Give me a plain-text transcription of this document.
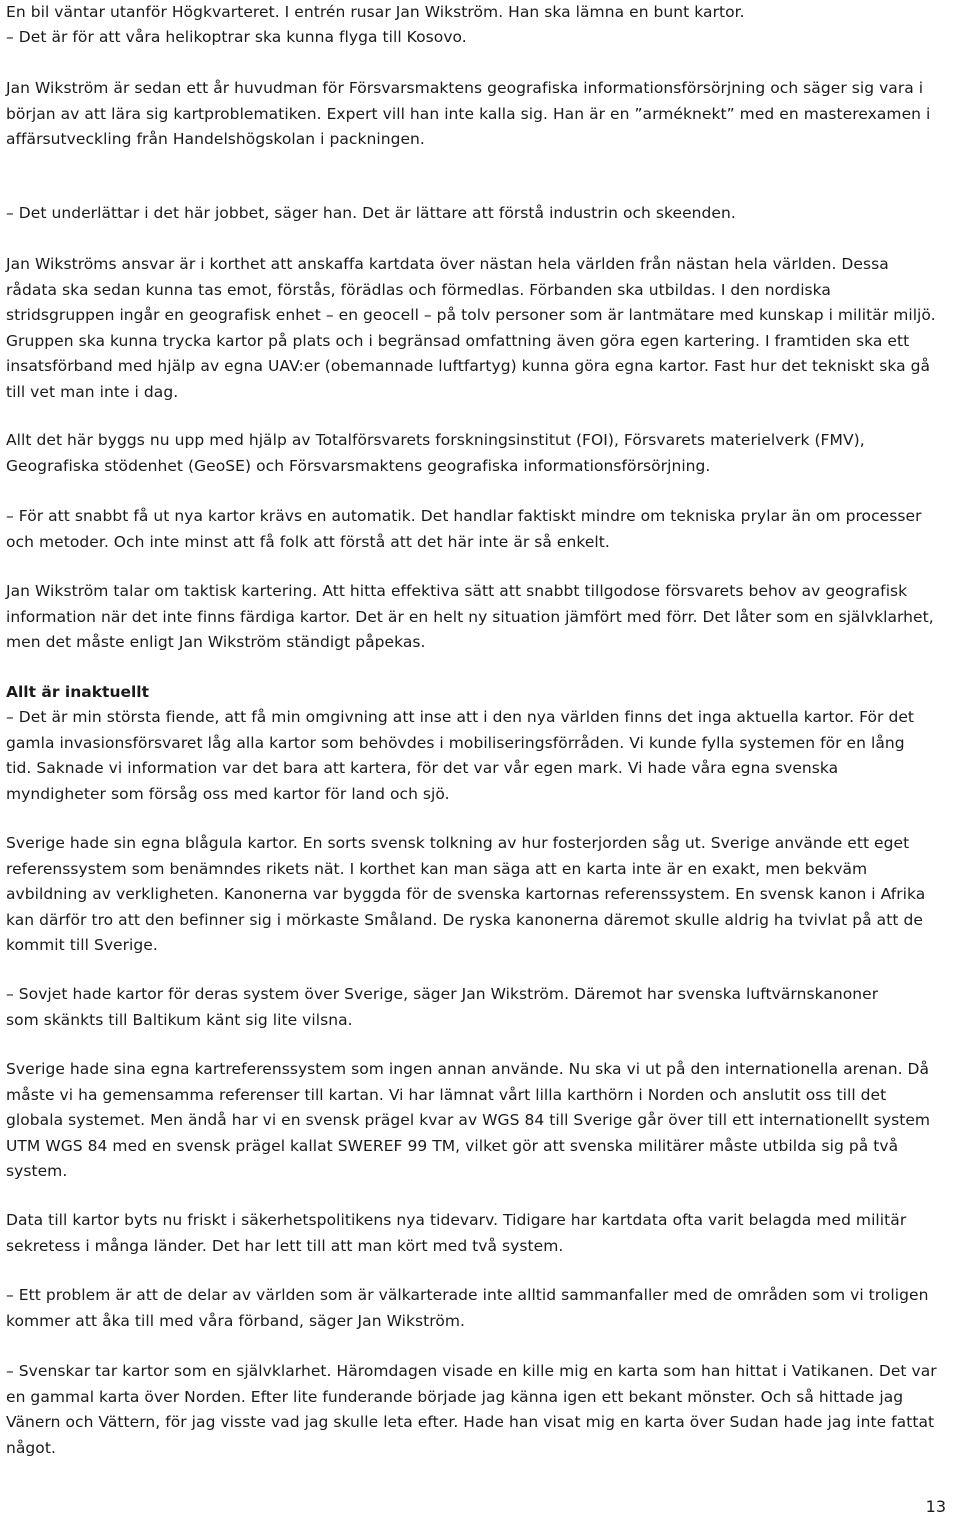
En bil väntar utanför Högkvarteret. I entrén rusar Jan Wikström. Han ska lämna en bunt kartor.

– Det är för att våra helikoptrar ska kunna flyga till Kosovo.

Jan Wikström är sedan ett år huvudman för Försvarsmaktens geografiska informationsförsörjning och säger sig vara i början av att lära sig kartproblematiken. Expert vill han inte kalla sig. Han är en ”arméknekt” med en masterexamen i affärsutveckling från Handelshögskolan i packningen.

– Det underlättar i det här jobbet, säger han. Det är lättare att förstå industrin och skeenden.

Jan Wikströms ansvar är i korthet att anskaffa kartdata över nästan hela världen från nästan hela världen. Dessa rådata ska sedan kunna tas emot, förstås, förädlas och förmedlas. Förbanden ska utbildas. I den nordiska stridsgruppen ingår en geografisk enhet – en geocell – på tolv personer som är lantmätare med kunskap i militär miljö. Gruppen ska kunna trycka kartor på plats och i begränsad omfattning även göra egen kartering. I framtiden ska ett insatsförband med hjälp av egna UAV:er (obemannade luftfartyg) kunna göra egna kartor. Fast hur det tekniskt ska gå till vet man inte i dag.

Allt det här byggs nu upp med hjälp av Totalförsvarets forskningsinstitut (FOI), Försvarets materielverk (FMV), Geografiska stödenhet (GeoSE) och Försvarsmaktens geografiska informationsförsörjning.

– För att snabbt få ut nya kartor krävs en automatik. Det handlar faktiskt mindre om tekniska prylar än om processer och metoder. Och inte minst att få folk att förstå att det här inte är så enkelt.

Jan Wikström talar om taktisk kartering. Att hitta effektiva sätt att snabbt tillgodose försvarets behov av geografisk information när det inte finns färdiga kartor. Det är en helt ny situation jämfört med förr. Det låter som en självklarhet, men det måste enligt Jan Wikström ständigt påpekas.

Allt är inaktuellt

– Det är min största fiende, att få min omgivning att inse att i den nya världen finns det inga aktuella kartor. För det gamla invasionsförsvaret låg alla kartor som behövdes i mobiliseringsförråden. Vi kunde fylla systemen för en lång tid. Saknade vi information var det bara att kartera, för det var vår egen mark. Vi hade våra egna svenska myndigheter som försåg oss med kartor för land och sjö.

Sverige hade sin egna blågula kartor. En sorts svensk tolkning av hur fosterjorden såg ut. Sverige använde ett eget referenssystem som benämndes rikets nät. I korthet kan man säga att en karta inte är en exakt, men bekväm avbildning av verkligheten. Kanonerna var byggda för de svenska kartornas referenssystem. En svensk kanon i Afrika kan därför tro att den befinner sig i mörkaste Småland. De ryska kanonerna däremot skulle aldrig ha tvivlat på att de kommit till Sverige.

– Sovjet hade kartor för deras system över Sverige, säger Jan Wikström. Däremot har svenska luftvärnskanoner som skänkts till Baltikum känt sig lite vilsna.

Sverige hade sina egna kartreferenssystem som ingen annan använde. Nu ska vi ut på den internationella arenan. Då måste vi ha gemensamma referenser till kartan. Vi har lämnat vårt lilla karthörn i Norden och anslutit oss till det globala systemet. Men ändå har vi en svensk prägel kvar av WGS 84 till Sverige går över till ett internationellt system UTM WGS 84 med en svensk prägel kallat SWEREF 99 TM, vilket gör att svenska militärer måste utbilda sig på två system.

Data till kartor byts nu friskt i säkerhetspolitikens nya tidevarv. Tidigare har kartdata ofta varit belagda med militär sekretess i många länder. Det har lett till att man kört med två system.

– Ett problem är att de delar av världen som är välkarterade inte alltid sammanfaller med de områden som vi troligen kommer att åka till med våra förband, säger Jan Wikström.

– Svenskar tar kartor som en självklarhet. Häromdagen visade en kille mig en karta som han hittat i Vatikanen. Det var en gammal karta över Norden. Efter lite funderande började jag känna igen ett bekant mönster. Och så hittade jag Vänern och Vättern, för jag visste vad jag skulle leta efter. Hade han visat mig en karta över Sudan hade jag inte fattat något.

13
